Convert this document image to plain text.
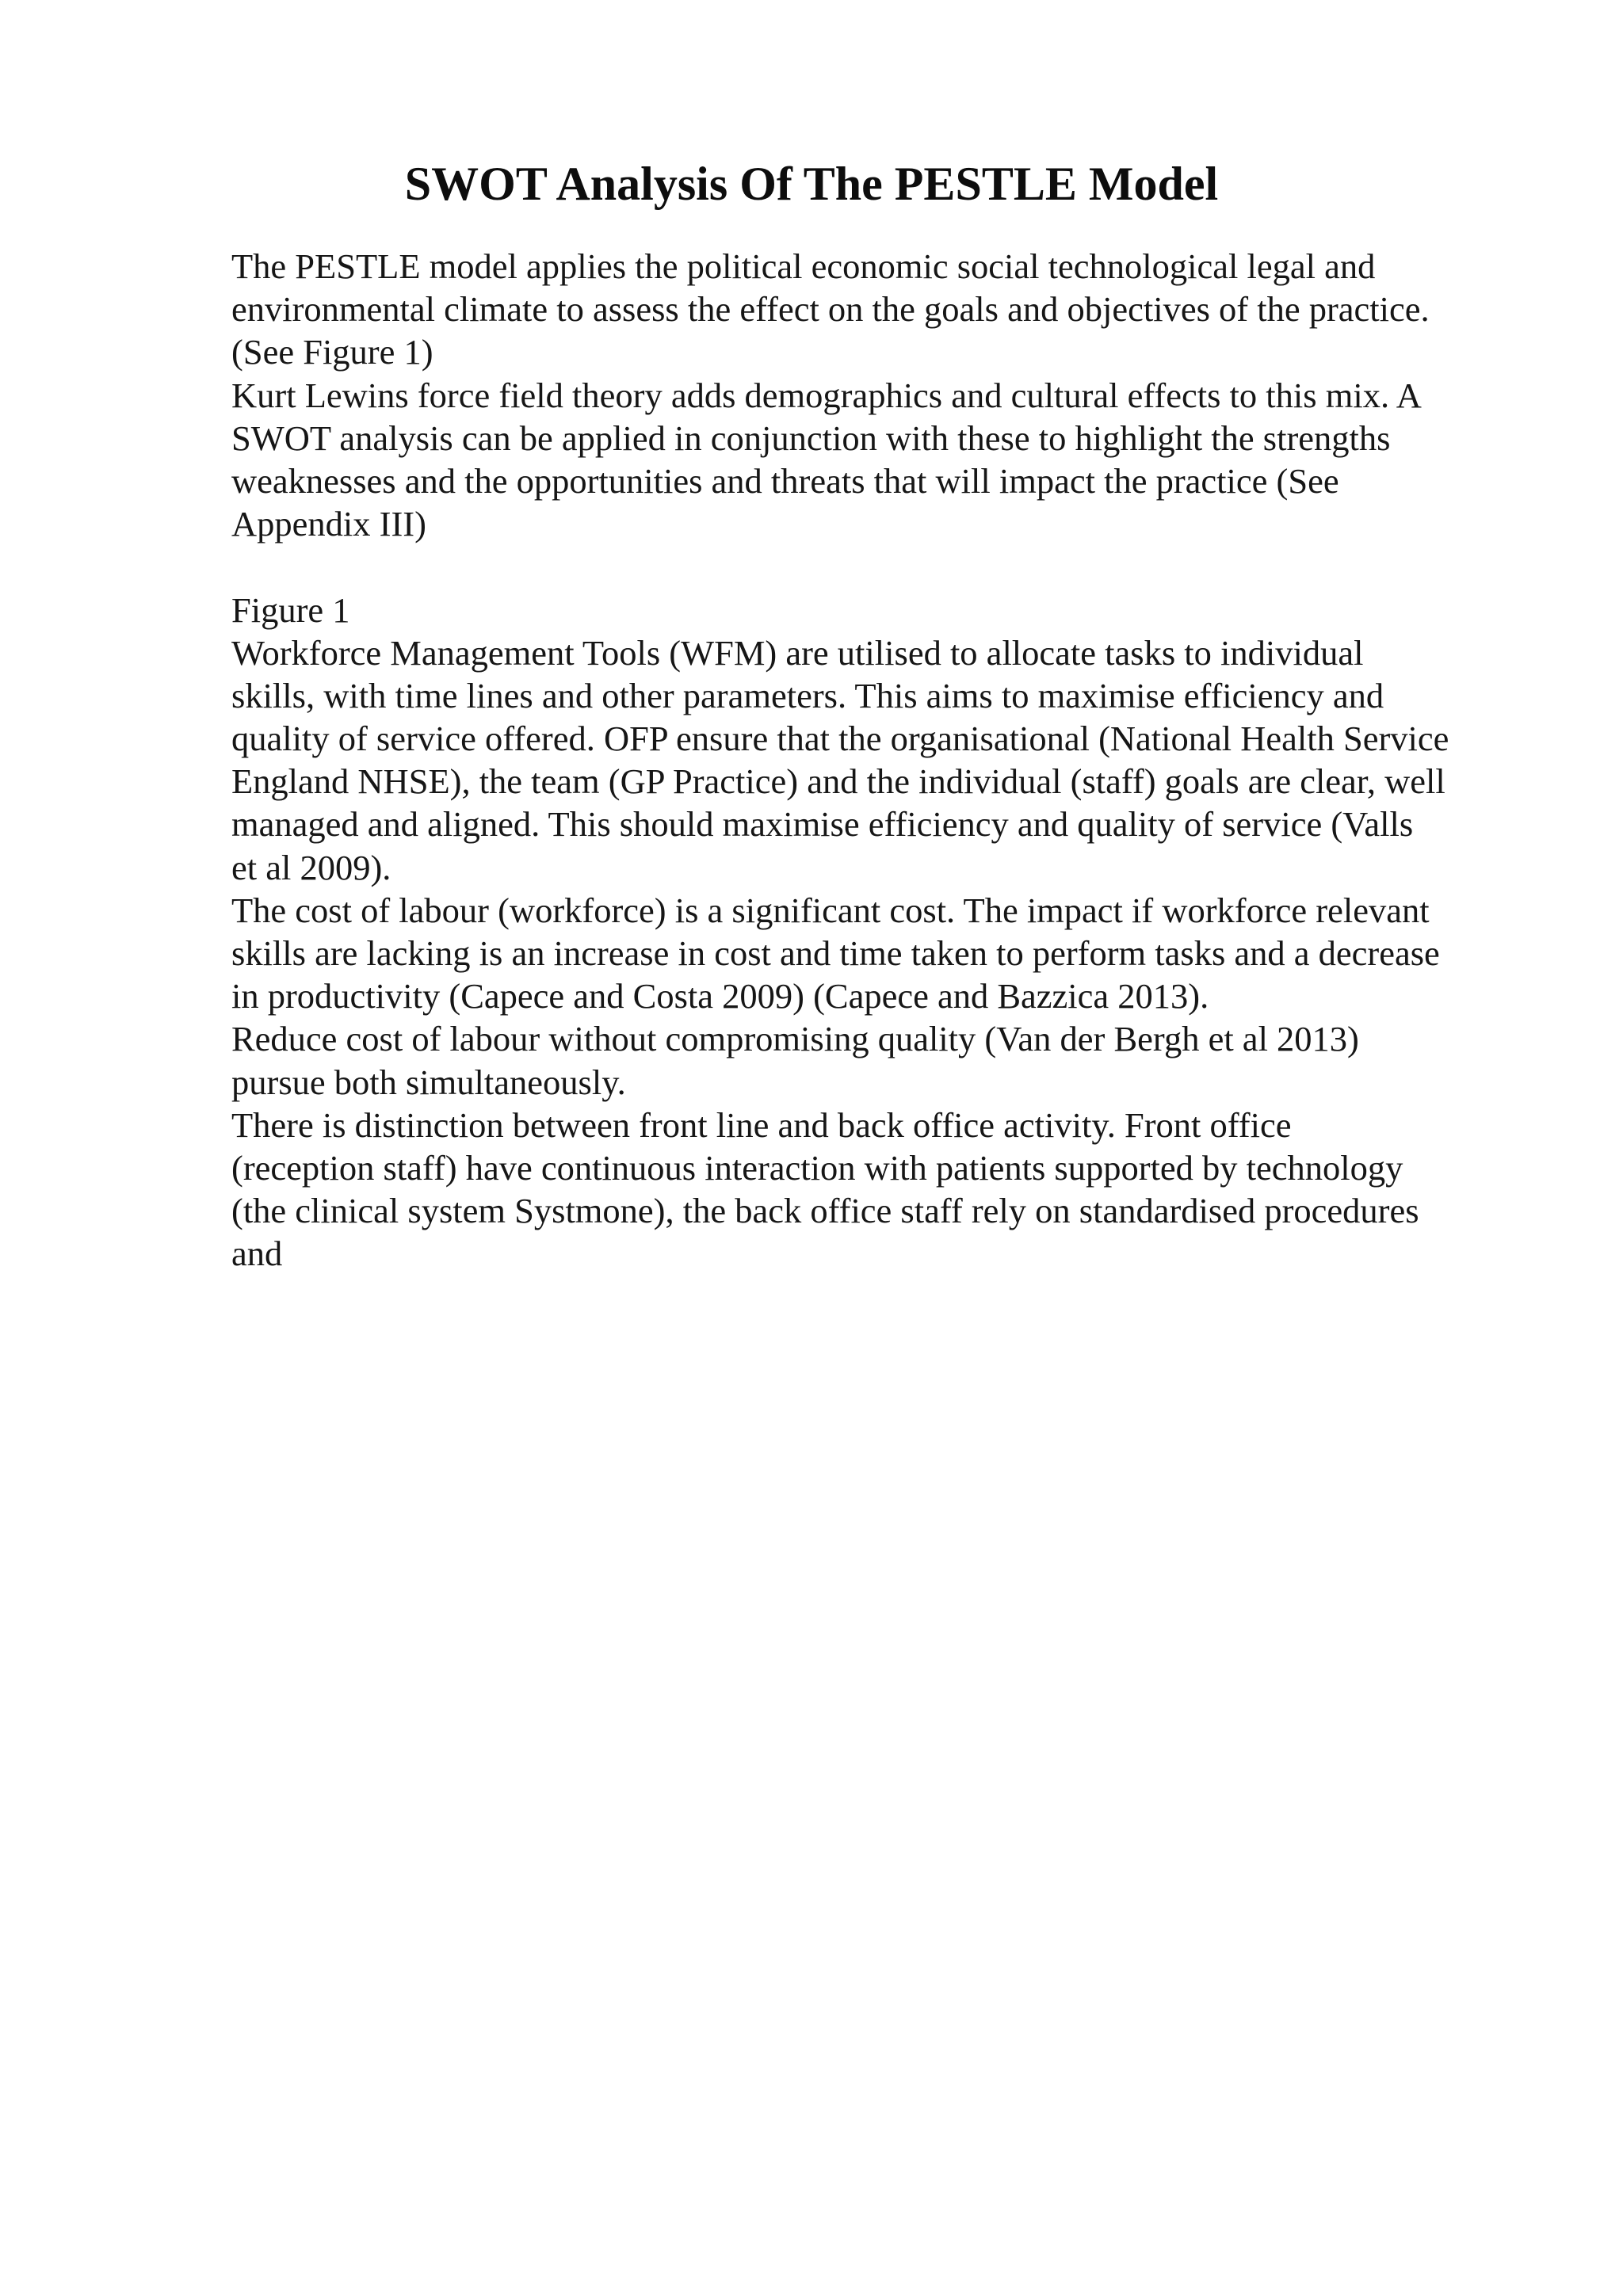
SWOT Analysis Of The PESTLE Model
The PESTLE model applies the political economic social technological legal and
environmental climate to assess the effect on the goals and objectives of the practice.
(See Figure 1)
Kurt Lewins force field theory adds demographics and cultural effects to this mix. A
SWOT analysis can be applied in conjunction with these to highlight the strengths
weaknesses and the opportunities and threats that will impact the practice (See
Appendix III)
Figure 1
Workforce Management Tools (WFM) are utilised to allocate tasks to individual
skills, with time lines and other parameters. This aims to maximise efficiency and
quality of service offered. OFP ensure that the organisational (National Health Service
England NHSE), the team (GP Practice) and the individual (staff) goals are clear, well
managed and aligned. This should maximise efficiency and quality of service (Valls
et al 2009).
The cost of labour (workforce) is a significant cost. The impact if workforce relevant
skills are lacking is an increase in cost and time taken to perform tasks and a decrease
in productivity (Capece and Costa 2009) (Capece and Bazzica 2013).
Reduce cost of labour without compromising quality (Van der Bergh et al 2013)
pursue both simultaneously.
There is distinction between front line and back office activity. Front office
(reception staff) have continuous interaction with patients supported by technology
(the clinical system Systmone), the back office staff rely on standardised procedures
and
